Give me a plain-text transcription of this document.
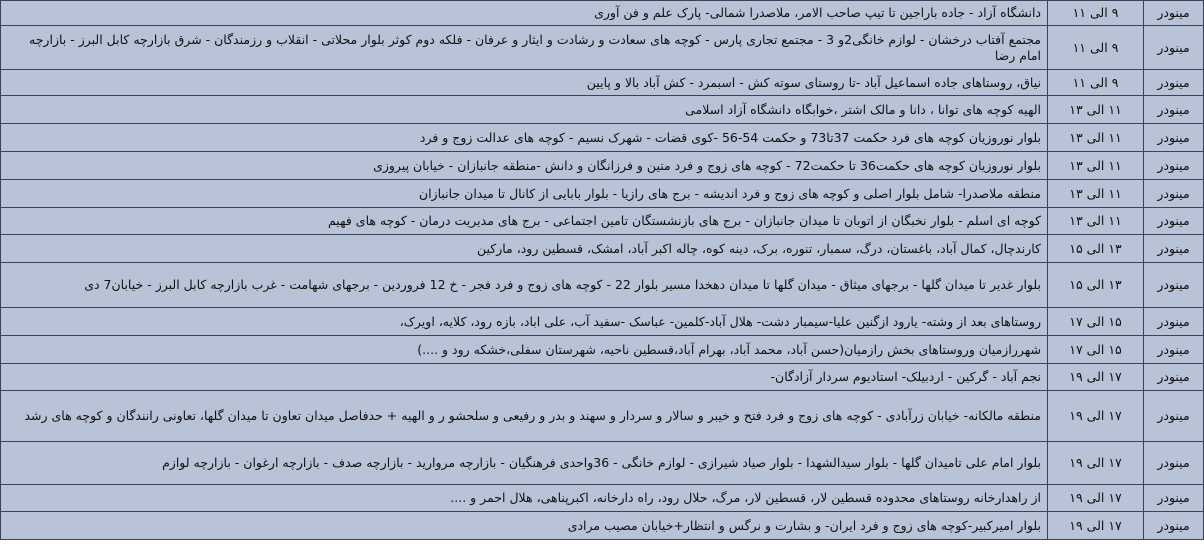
مینودر	۹ الی ۱۱	دانشگاه آزاد - جاده باراجین تا تیپ صاحب الامر، ملاصدرا شمالی- پارک علم و فن آوری
مینودر	۹ الی ۱۱	مجتمع آفتاب درخشان - لوازم خانگی2و 3 - مجتمع تجاری پارس - کوچه های سعادت و رشادت و ایثار و عرفان - فلکه دوم کوثر بلوار محلاتی - انقلاب و رزمندگان - شرق بازارچه کابل البرز - بازارچه امام رضا
مینودر	۹ الی ۱۱	نیاق، روستاهای جاده اسماعیل آباد -تا روستای سوته کش - اسبمرد - کش آباد بالا و پایین
مینودر	۱۱ الی ۱۳	الهیه کوچه های توانا ، دانا و مالک اشتر ،خوابگاه دانشگاه آزاد اسلامی
مینودر	۱۱ الی ۱۳	بلوار نوروزیان کوچه های فرد حکمت 37تا73 و حکمت 54-56 -کوی قضات - شهرک نسیم - کوچه های عدالت زوج و فرد
مینودر	۱۱ الی ۱۳	بلوار نوروزیان کوچه های حکمت36 تا حکمت72 - کوچه های زوج و فرد متین و فرزانگان و دانش -منطقه جانبازان - خیابان پیروزی
مینودر	۱۱ الی ۱۳	منطقه ملاصدرا- شامل بلوار اصلی و کوچه های زوج و فرد اندیشه - برج های رازیا - بلوار بابایی از کانال تا میدان جانبازان
مینودر	۱۱ الی ۱۳	کوچه ای اسلم - بلوار نخبگان از اتوبان تا میدان جانبازان - برج های بازنشستگان تامین اجتماعی - برج های مدیریت درمان - کوچه های فهیم
مینودر	۱۳ الی ۱۵	کارندچال، کمال آباد، باغستان، درگ، سمبار، تنوره، برک، دینه کوه، چاله اکبر آباد، امشک، قسطین رود، مارکین
مینودر	۱۳ الی ۱۵	بلوار غدیر تا میدان گلها - برجهای میثاق - میدان گلها تا میدان دهخدا مسیر بلوار 22 - کوچه های زوج و فرد فجر - خ 12 فروردین - برجهای شهامت - غرب بازارچه کابل البرز - خیابان7 دی
مینودر	۱۵ الی ۱۷	روستاهای بعد از وشته- یارود ازگنین علیا-سیمبار دشت- هلال آباد-کلمین- عباسک -سفید آب، علی اباد، بازه رود، کلایه، اویرک،
مینودر	۱۵ الی ۱۷	شهررازمیان وروستاهای بخش رازمیان(حسن آباد، محمد آباد، بهرام آباد،قسطین ناحیه، شهرستان سفلی،خشکه رود و ....)
مینودر	۱۷ الی ۱۹	نجم آباد - گرکین - اردبیلک- استادیوم سردار آزادگان-
مینودر	۱۷ الی ۱۹	منطقه مالکانه- خیابان زرآبادی - کوچه های زوج و فرد فتح و خیبر و سالار و سردار و سهند و بدر و رفیعی و سلحشو ر و الهیه + حدفاصل میدان تعاون تا میدان گلها، تعاونی رانندگان و کوچه های رشد
مینودر	۱۷ الی ۱۹	بلوار امام علی تامیدان گلها - بلوار سیدالشهدا - بلوار صیاد شیرازی - لوازم خانگی - 36واحدی فرهنگیان - بازارچه مروارید - بازارچه صدف - بازارچه ارغوان - بازارچه لوازم
مینودر	۱۷ الی ۱۹	از راهدارخانه روستاهای محدوده قسطین لار، قسطین لار، مرگ، حلال رود، راه دارخانه، اکبرپناهی، هلال احمر و ....
مینودر	۱۷ الی ۱۹	بلوار امیرکبیر-کوچه های زوج و فرد ایران- و بشارت و نرگس و انتظار+خیابان مصیب مرادی
